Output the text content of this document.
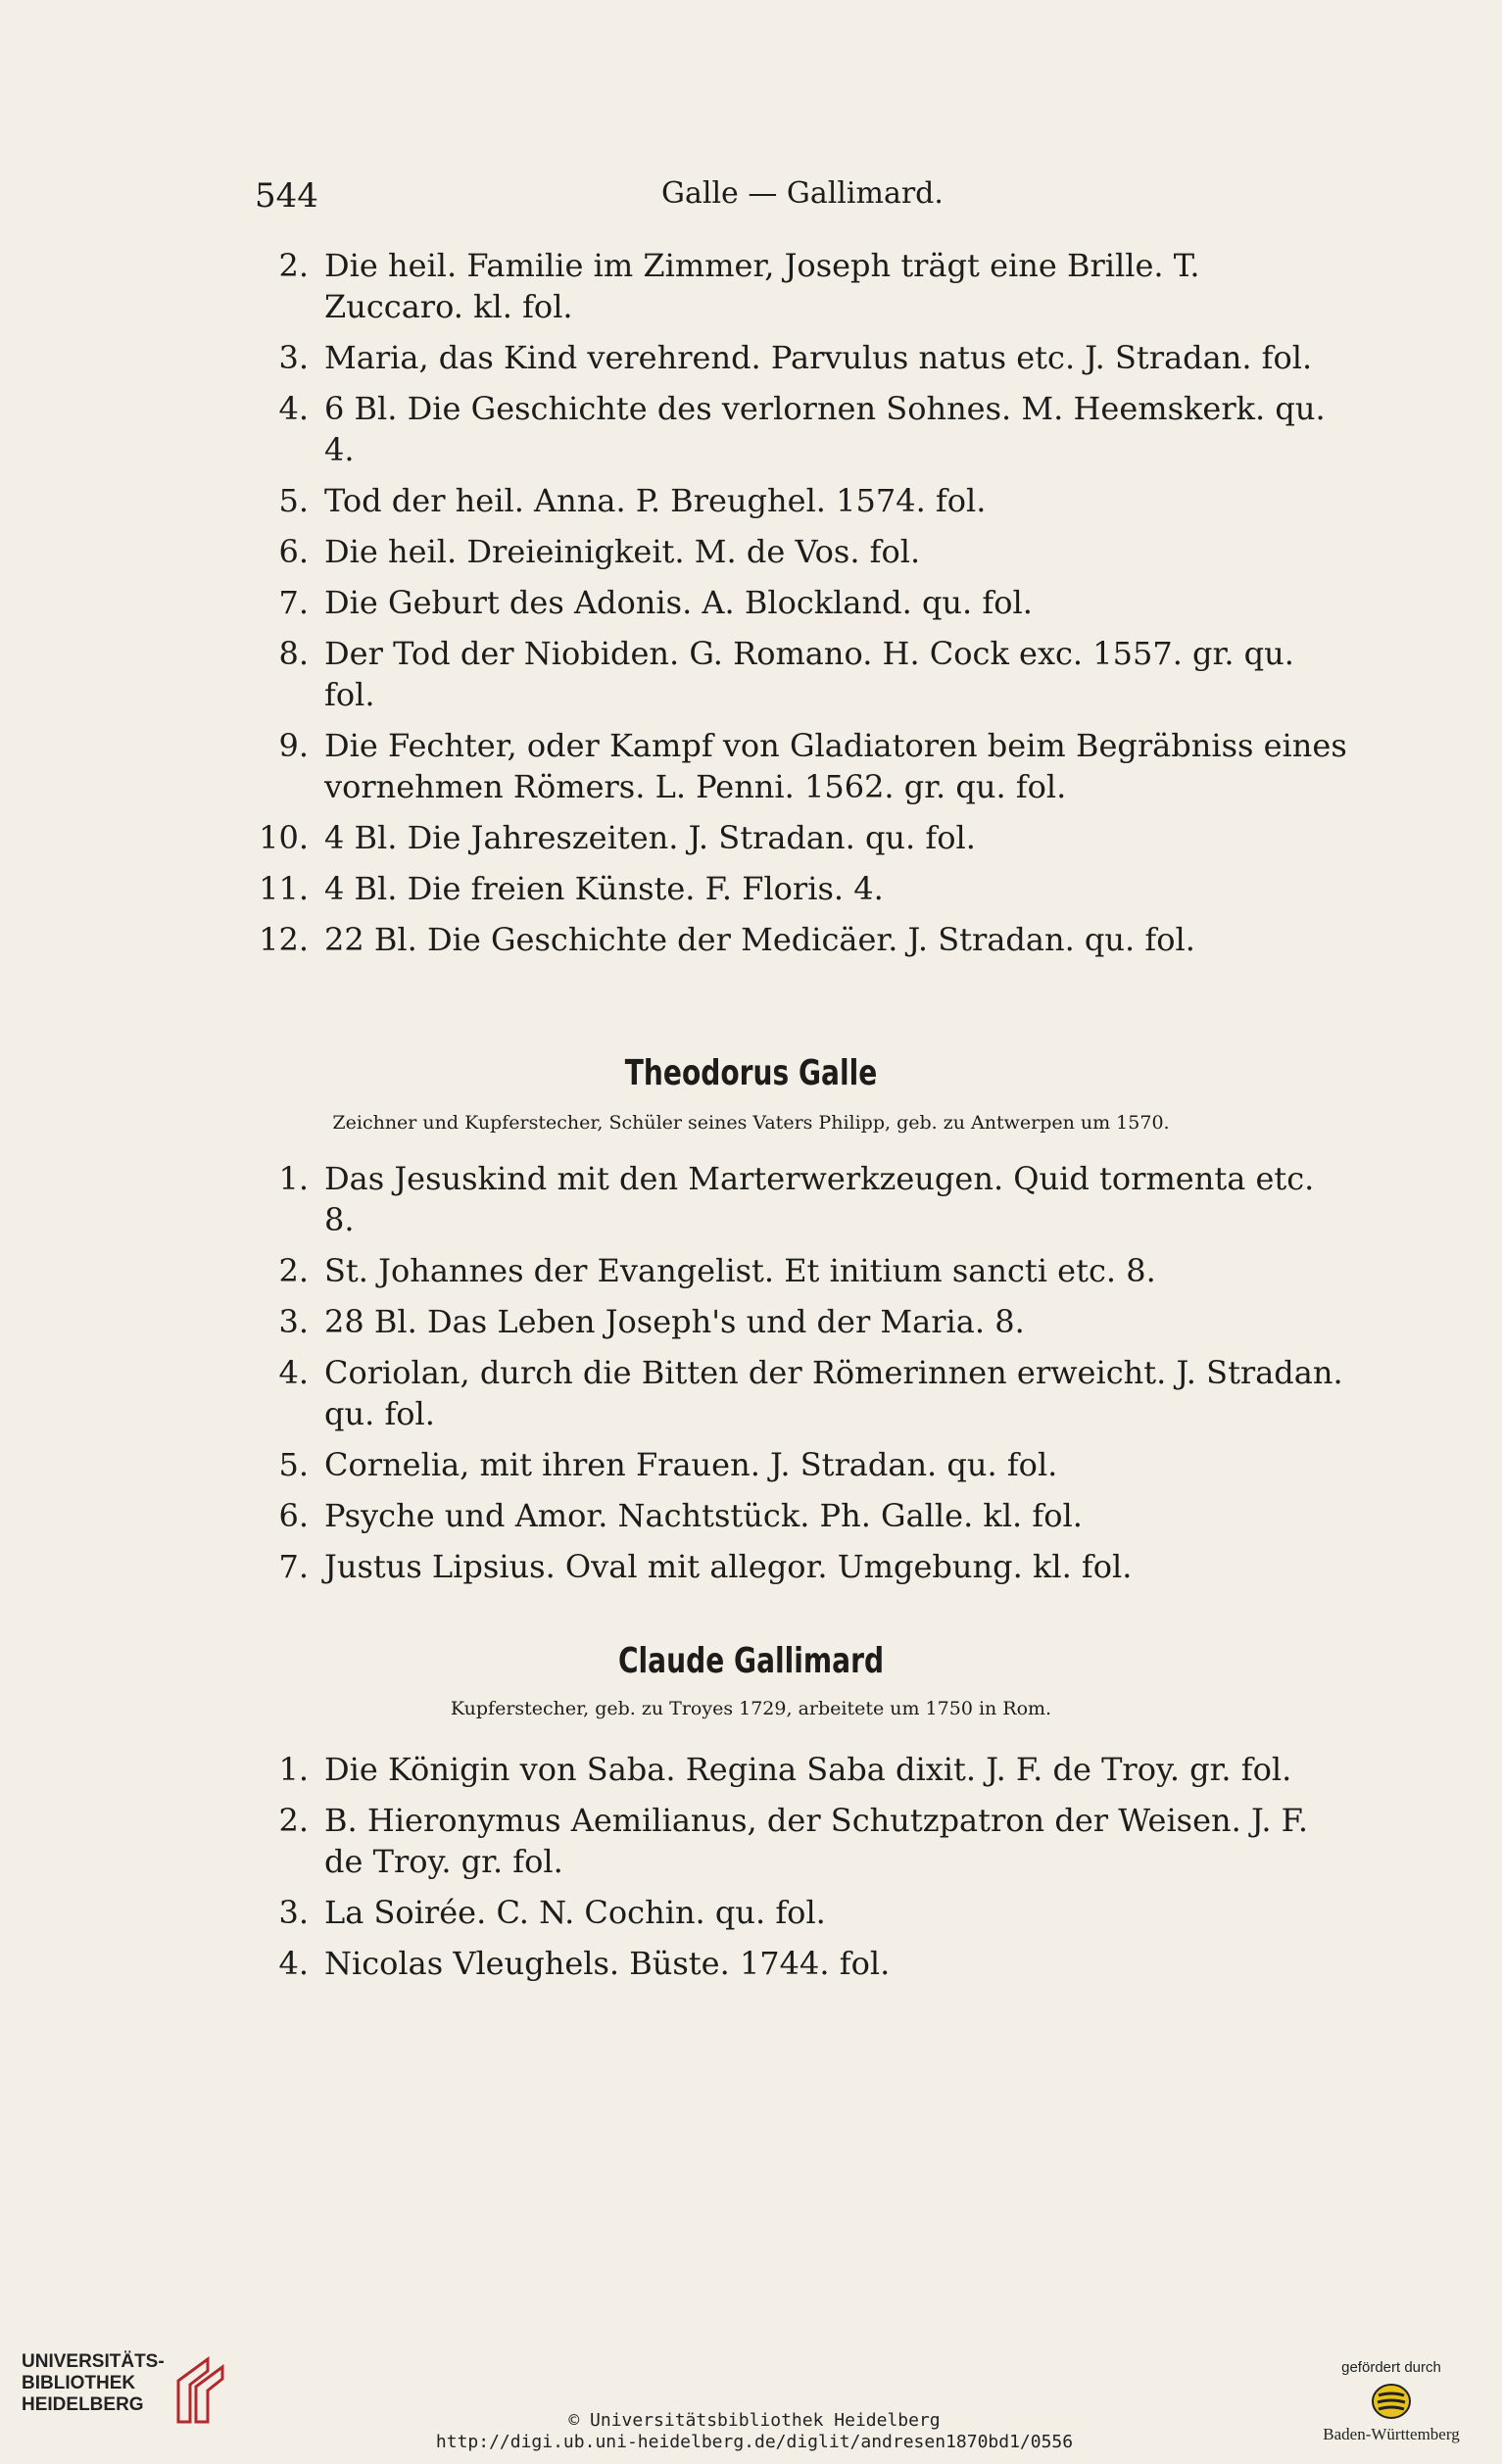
544	Galle — Gallimard.
2. Die heil. Familie im Zimmer, Joseph trägt eine Brille. T. Zuccaro. kl. fol.
3. Maria, das Kind verehrend. Parvulus natus etc. J. Stradan. fol.
4. 6 Bl. Die Geschichte des verlornen Sohnes. M. Heemskerk. qu. 4.
5. Tod der heil. Anna. P. Breughel. 1574. fol.
6. Die heil. Dreieinigkeit. M. de Vos. fol.
7. Die Geburt des Adonis. A. Blockland. qu. fol.
8. Der Tod der Niobiden. G. Romano. H. Cock exc. 1557. gr. qu. fol.
9. Die Fechter, oder Kampf von Gladiatoren beim Begräbniss eines vornehmen Römers. L. Penni. 1562. gr. qu. fol.
10. 4 Bl. Die Jahreszeiten. J. Stradan. qu. fol.
11. 4 Bl. Die freien Künste. F. Floris. 4.
12. 22 Bl. Die Geschichte der Medicäer. J. Stradan. qu. fol.
Theodorus Galle
Zeichner und Kupferstecher, Schüler seines Vaters Philipp, geb. zu Antwerpen um 1570.
1. Das Jesuskind mit den Marterwerkzeugen. Quid tormenta etc. 8.
2. St. Johannes der Evangelist. Et initium sancti etc. 8.
3. 28 Bl. Das Leben Joseph's und der Maria. 8.
4. Coriolan, durch die Bitten der Römerinnen erweicht. J. Stradan. qu. fol.
5. Cornelia, mit ihren Frauen. J. Stradan. qu. fol.
6. Psyche und Amor. Nachtstück. Ph. Galle. kl. fol.
7. Justus Lipsius. Oval mit allegor. Umgebung. kl. fol.
Claude Gallimard
Kupferstecher, geb. zu Troyes 1729, arbeitete um 1750 in Rom.
1. Die Königin von Saba. Regina Saba dixit. J. F. de Troy. gr. fol.
2. B. Hieronymus Aemilianus, der Schutzpatron der Weisen. J. F. de Troy. gr. fol.
3. La Soirée. C. N. Cochin. qu. fol.
4. Nicolas Vleughels. Büste. 1744. fol.
UNIVERSITÄTS-
BIBLIOTHEK
HEIDELBERG
© Universitätsbibliothek Heidelberg
http://digi.ub.uni-heidelberg.de/diglit/andresen1870bd1/0556
gefördert durch
Baden-Württemberg
